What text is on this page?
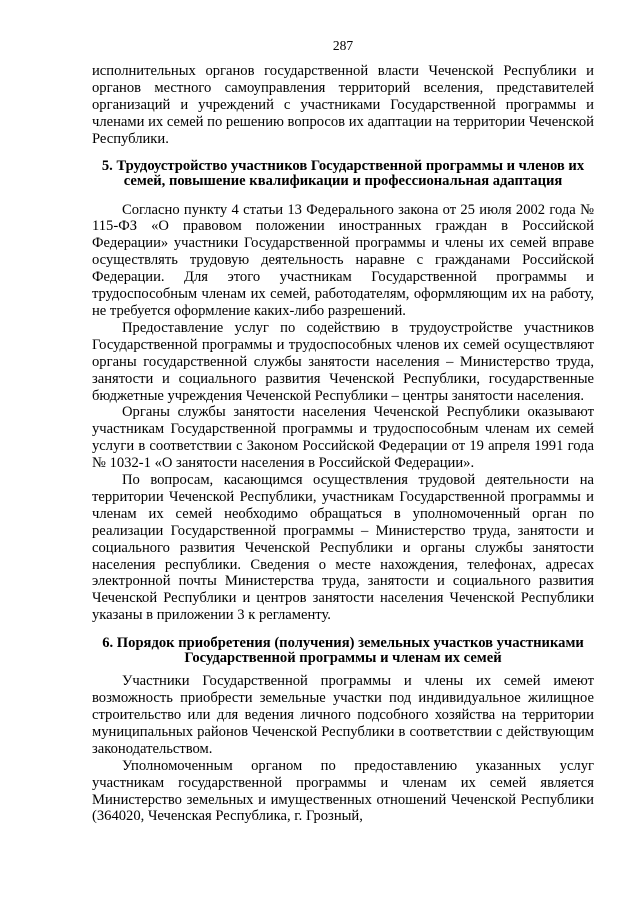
287

исполнительных органов государственной власти Чеченской Республики и органов местного самоуправления территорий вселения, представителей организаций и учреждений с участниками Государственной программы и членами их семей по решению вопросов их адаптации на территории Чеченской Республики.

5. Трудоустройство участников Государственной программы и членов их семей, повышение квалификации и профессиональная адаптация

Согласно пункту 4 статьи 13 Федерального закона от 25 июля 2002 года № 115-ФЗ «О правовом положении иностранных граждан в Российской Федерации» участники Государственной программы и члены их семей вправе осуществлять трудовую деятельность наравне с гражданами Российской Федерации. Для этого участникам Государственной программы и трудоспособным членам их семей, работодателям, оформляющим их на работу, не требуется оформление каких-либо разрешений.

Предоставление услуг по содействию в трудоустройстве участников Государственной программы и трудоспособных членов их семей осуществляют органы государственной службы занятости населения – Министерство труда, занятости и социального развития Чеченской Республики, государственные бюджетные учреждения Чеченской Республики – центры занятости населения.

Органы службы занятости населения Чеченской Республики оказывают участникам Государственной программы и трудоспособным членам их семей услуги в соответствии с Законом Российской Федерации от 19 апреля 1991 года № 1032-1 «О занятости населения в Российской Федерации».

По вопросам, касающимся осуществления трудовой деятельности на территории Чеченской Республики, участникам Государственной программы и членам их семей необходимо обращаться в уполномоченный орган по реализации Государственной программы – Министерство труда, занятости и социального развития Чеченской Республики и органы службы занятости населения республики. Сведения о месте нахождения, телефонах, адресах электронной почты Министерства труда, занятости и социального развития Чеченской Республики и центров занятости населения Чеченской Республики указаны в приложении 3 к регламенту.

6. Порядок приобретения (получения) земельных участков участниками Государственной программы и членам их семей

Участники Государственной программы и члены их семей имеют возможность приобрести земельные участки под индивидуальное жилищное строительство или для ведения личного подсобного хозяйства на территории муниципальных районов Чеченской Республики в соответствии с действующим законодательством.

Уполномоченным органом по предоставлению указанных услуг участникам государственной программы и членам их семей является Министерство земельных и имущественных отношений Чеченской Республики (364020, Чеченская Республика, г. Грозный,
